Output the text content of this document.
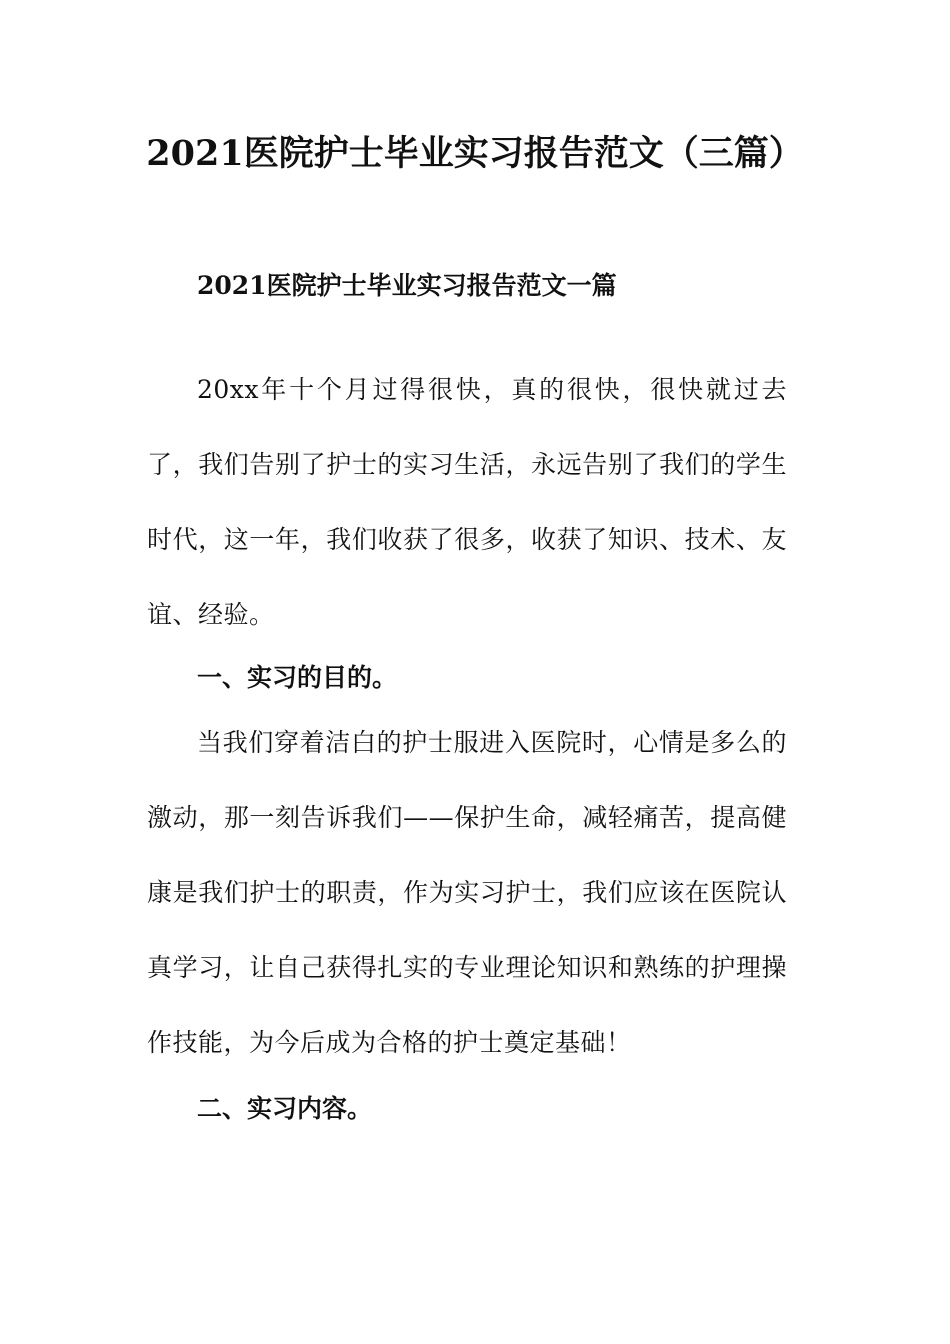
2021医院护士毕业实习报告范文（三篇）
2021医院护士毕业实习报告范文一篇

20xx年十个月过得很快，真的很快，很快就过去了，我们告别了护士的实习生活，永远告别了我们的学生时代，这一年，我们收获了很多，收获了知识、技术、友谊、经验。

一、实习的目的。

当我们穿着洁白的护士服进入医院时，心情是多么的激动，那一刻告诉我们——保护生命，减轻痛苦，提高健康是我们护士的职责，作为实习护士，我们应该在医院认真学习，让自己获得扎实的专业理论知识和熟练的护理操作技能，为今后成为合格的护士奠定基础！

二、实习内容。
